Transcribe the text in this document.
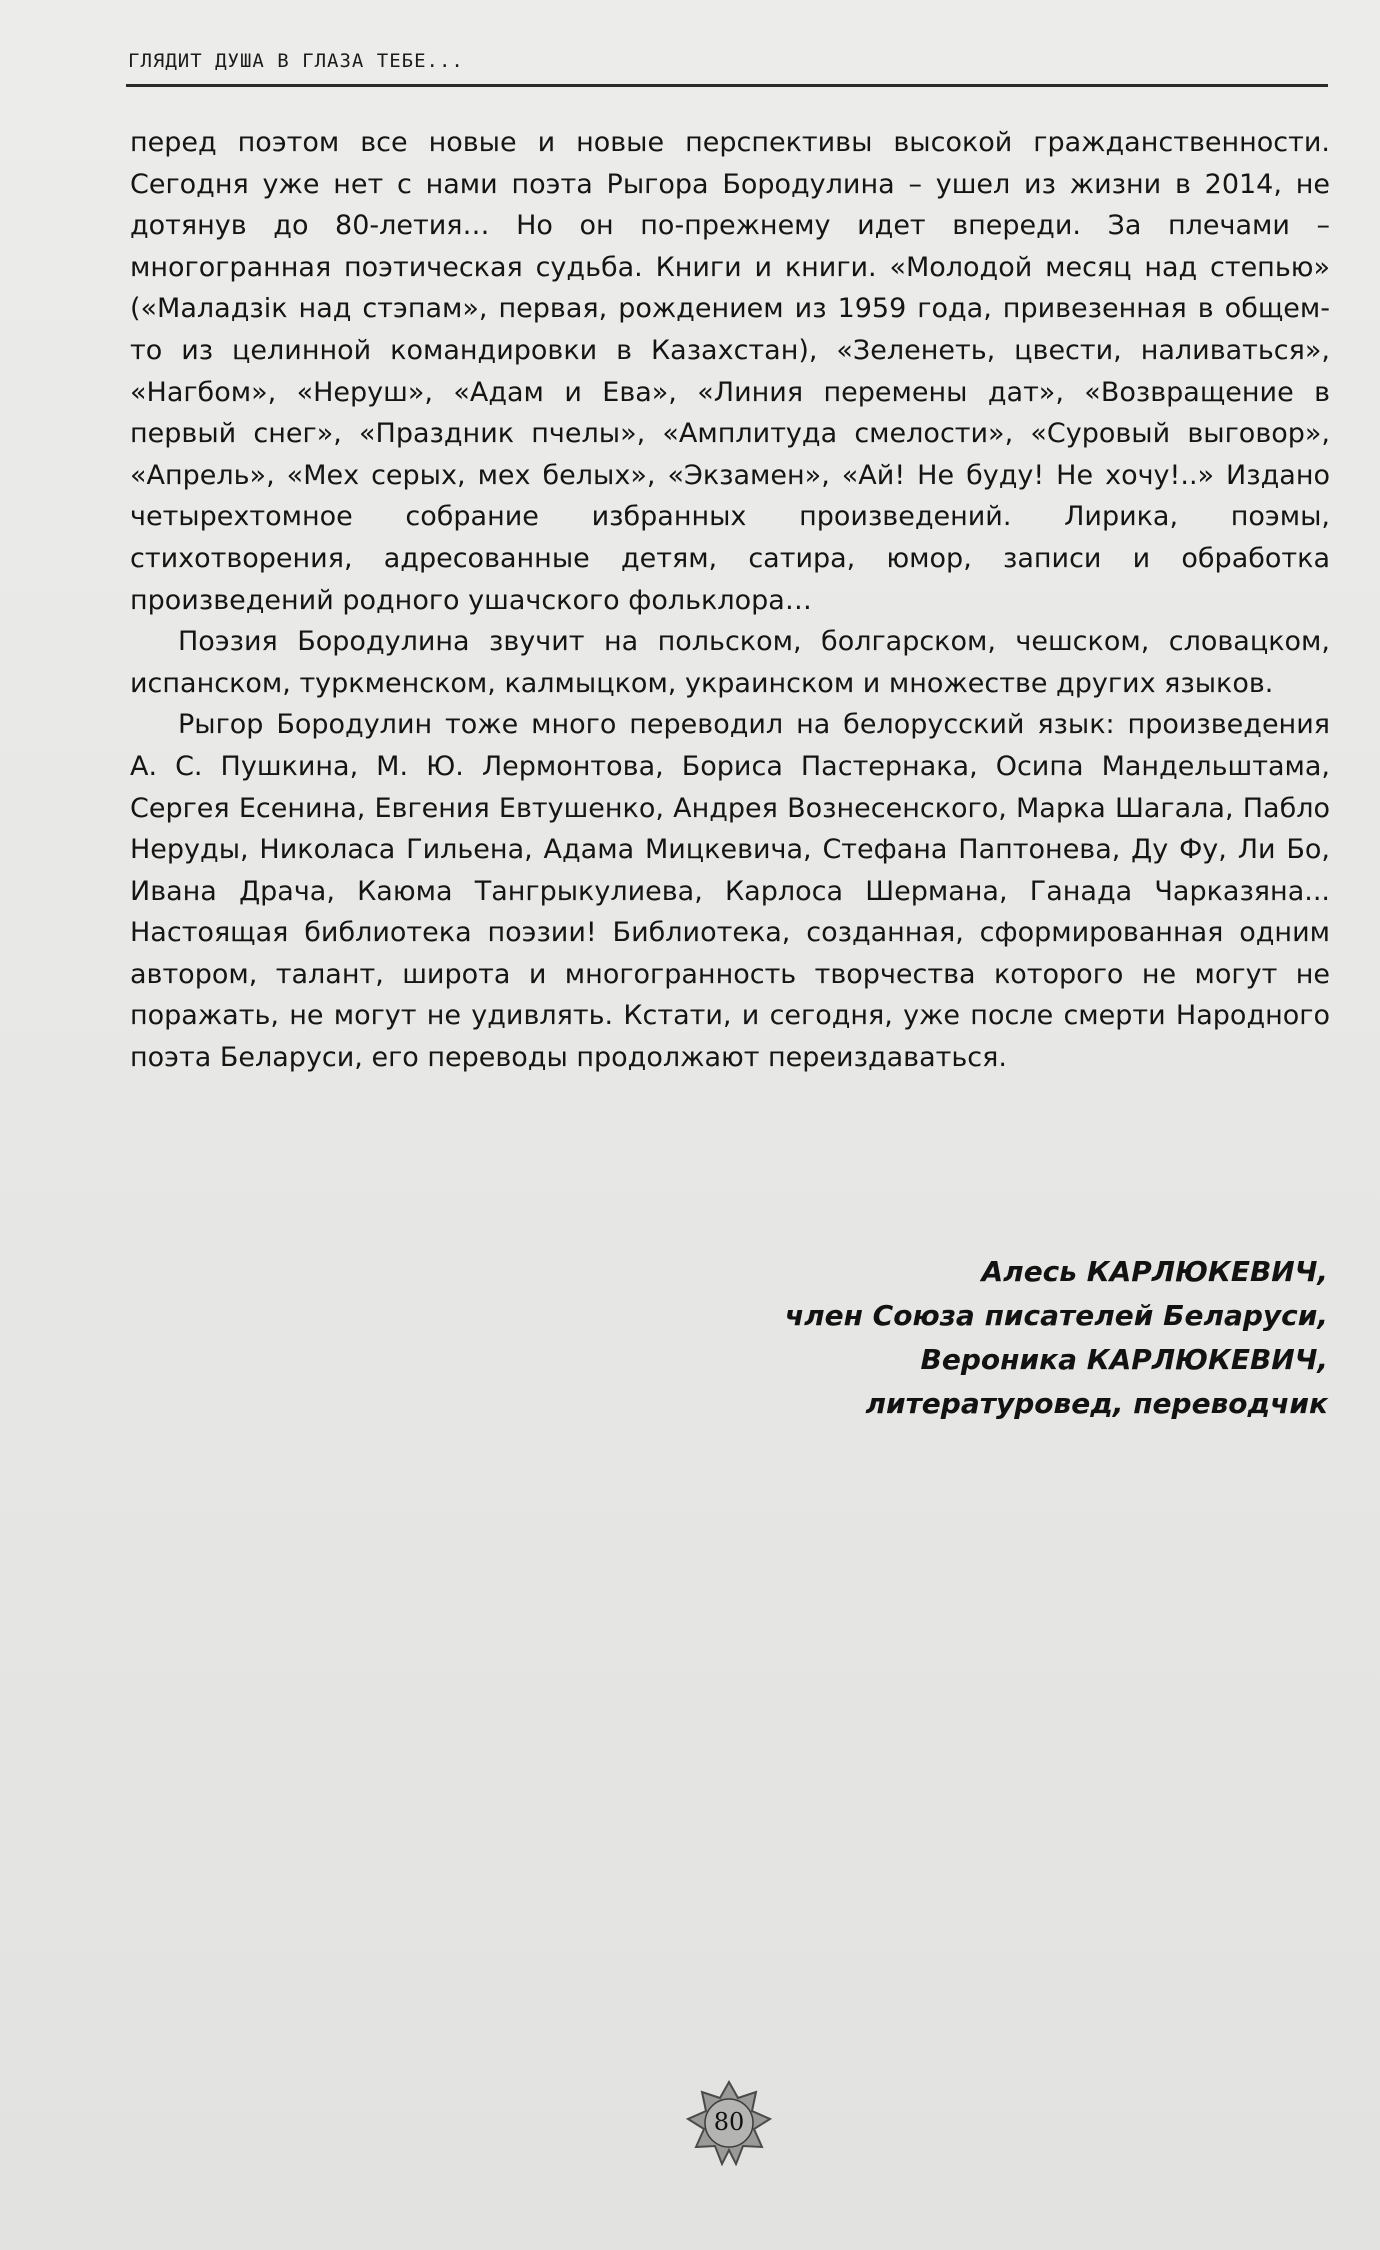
ГЛЯДИТ ДУША В ГЛАЗА ТЕБЕ...

перед поэтом все новые и новые перспективы высокой гражданственности. Сегодня уже нет с нами поэта Рыгора Бородулина – ушел из жизни в 2014, не дотянув до 80-летия… Но он по-прежнему идет впереди. За плечами – многогранная поэтическая судьба. Книги и книги. «Молодой месяц над степью» («Маладзік над стэпам», первая, рождением из 1959 года, привезенная в общем-то из целинной командировки в Казахстан), «Зеленеть, цвести, наливаться», «Нагбом», «Неруш», «Адам и Ева», «Линия перемены дат», «Возвращение в первый снег», «Праздник пчелы», «Амплитуда смелости», «Суровый выговор», «Апрель», «Мех серых, мех белых», «Экзамен», «Ай! Не буду! Не хочу!..» Издано четырехтомное собрание избранных произведений. Лирика, поэмы, стихотворения, адресованные детям, сатира, юмор, записи и обработка произведений родного ушачского фольклора…

Поэзия Бородулина звучит на польском, болгарском, чешском, словацком, испанском, туркменском, калмыцком, украинском и множестве других языков.

Рыгор Бородулин тоже много переводил на белорусский язык: произведения А. С. Пушкина, М. Ю. Лермонтова, Бориса Пастернака, Осипа Мандельштама, Сергея Есенина, Евгения Евтушенко, Андрея Вознесенского, Марка Шагала, Пабло Неруды, Николаса Гильена, Адама Мицкевича, Стефана Паптонева, Ду Фу, Ли Бо, Ивана Драча, Каюма Тангрыкулиева, Карлоса Шермана, Ганада Чарказяна... Настоящая библиотека поэзии! Библиотека, созданная, сформированная одним автором, талант, широта и многогранность творчества которого не могут не поражать, не могут не удивлять. Кстати, и сегодня, уже после смерти Народного поэта Беларуси, его переводы продолжают переиздаваться.

Алесь КАРЛЮКЕВИЧ,
член Союза писателей Беларуси,
Вероника КАРЛЮКЕВИЧ,
литературовед, переводчик
80
